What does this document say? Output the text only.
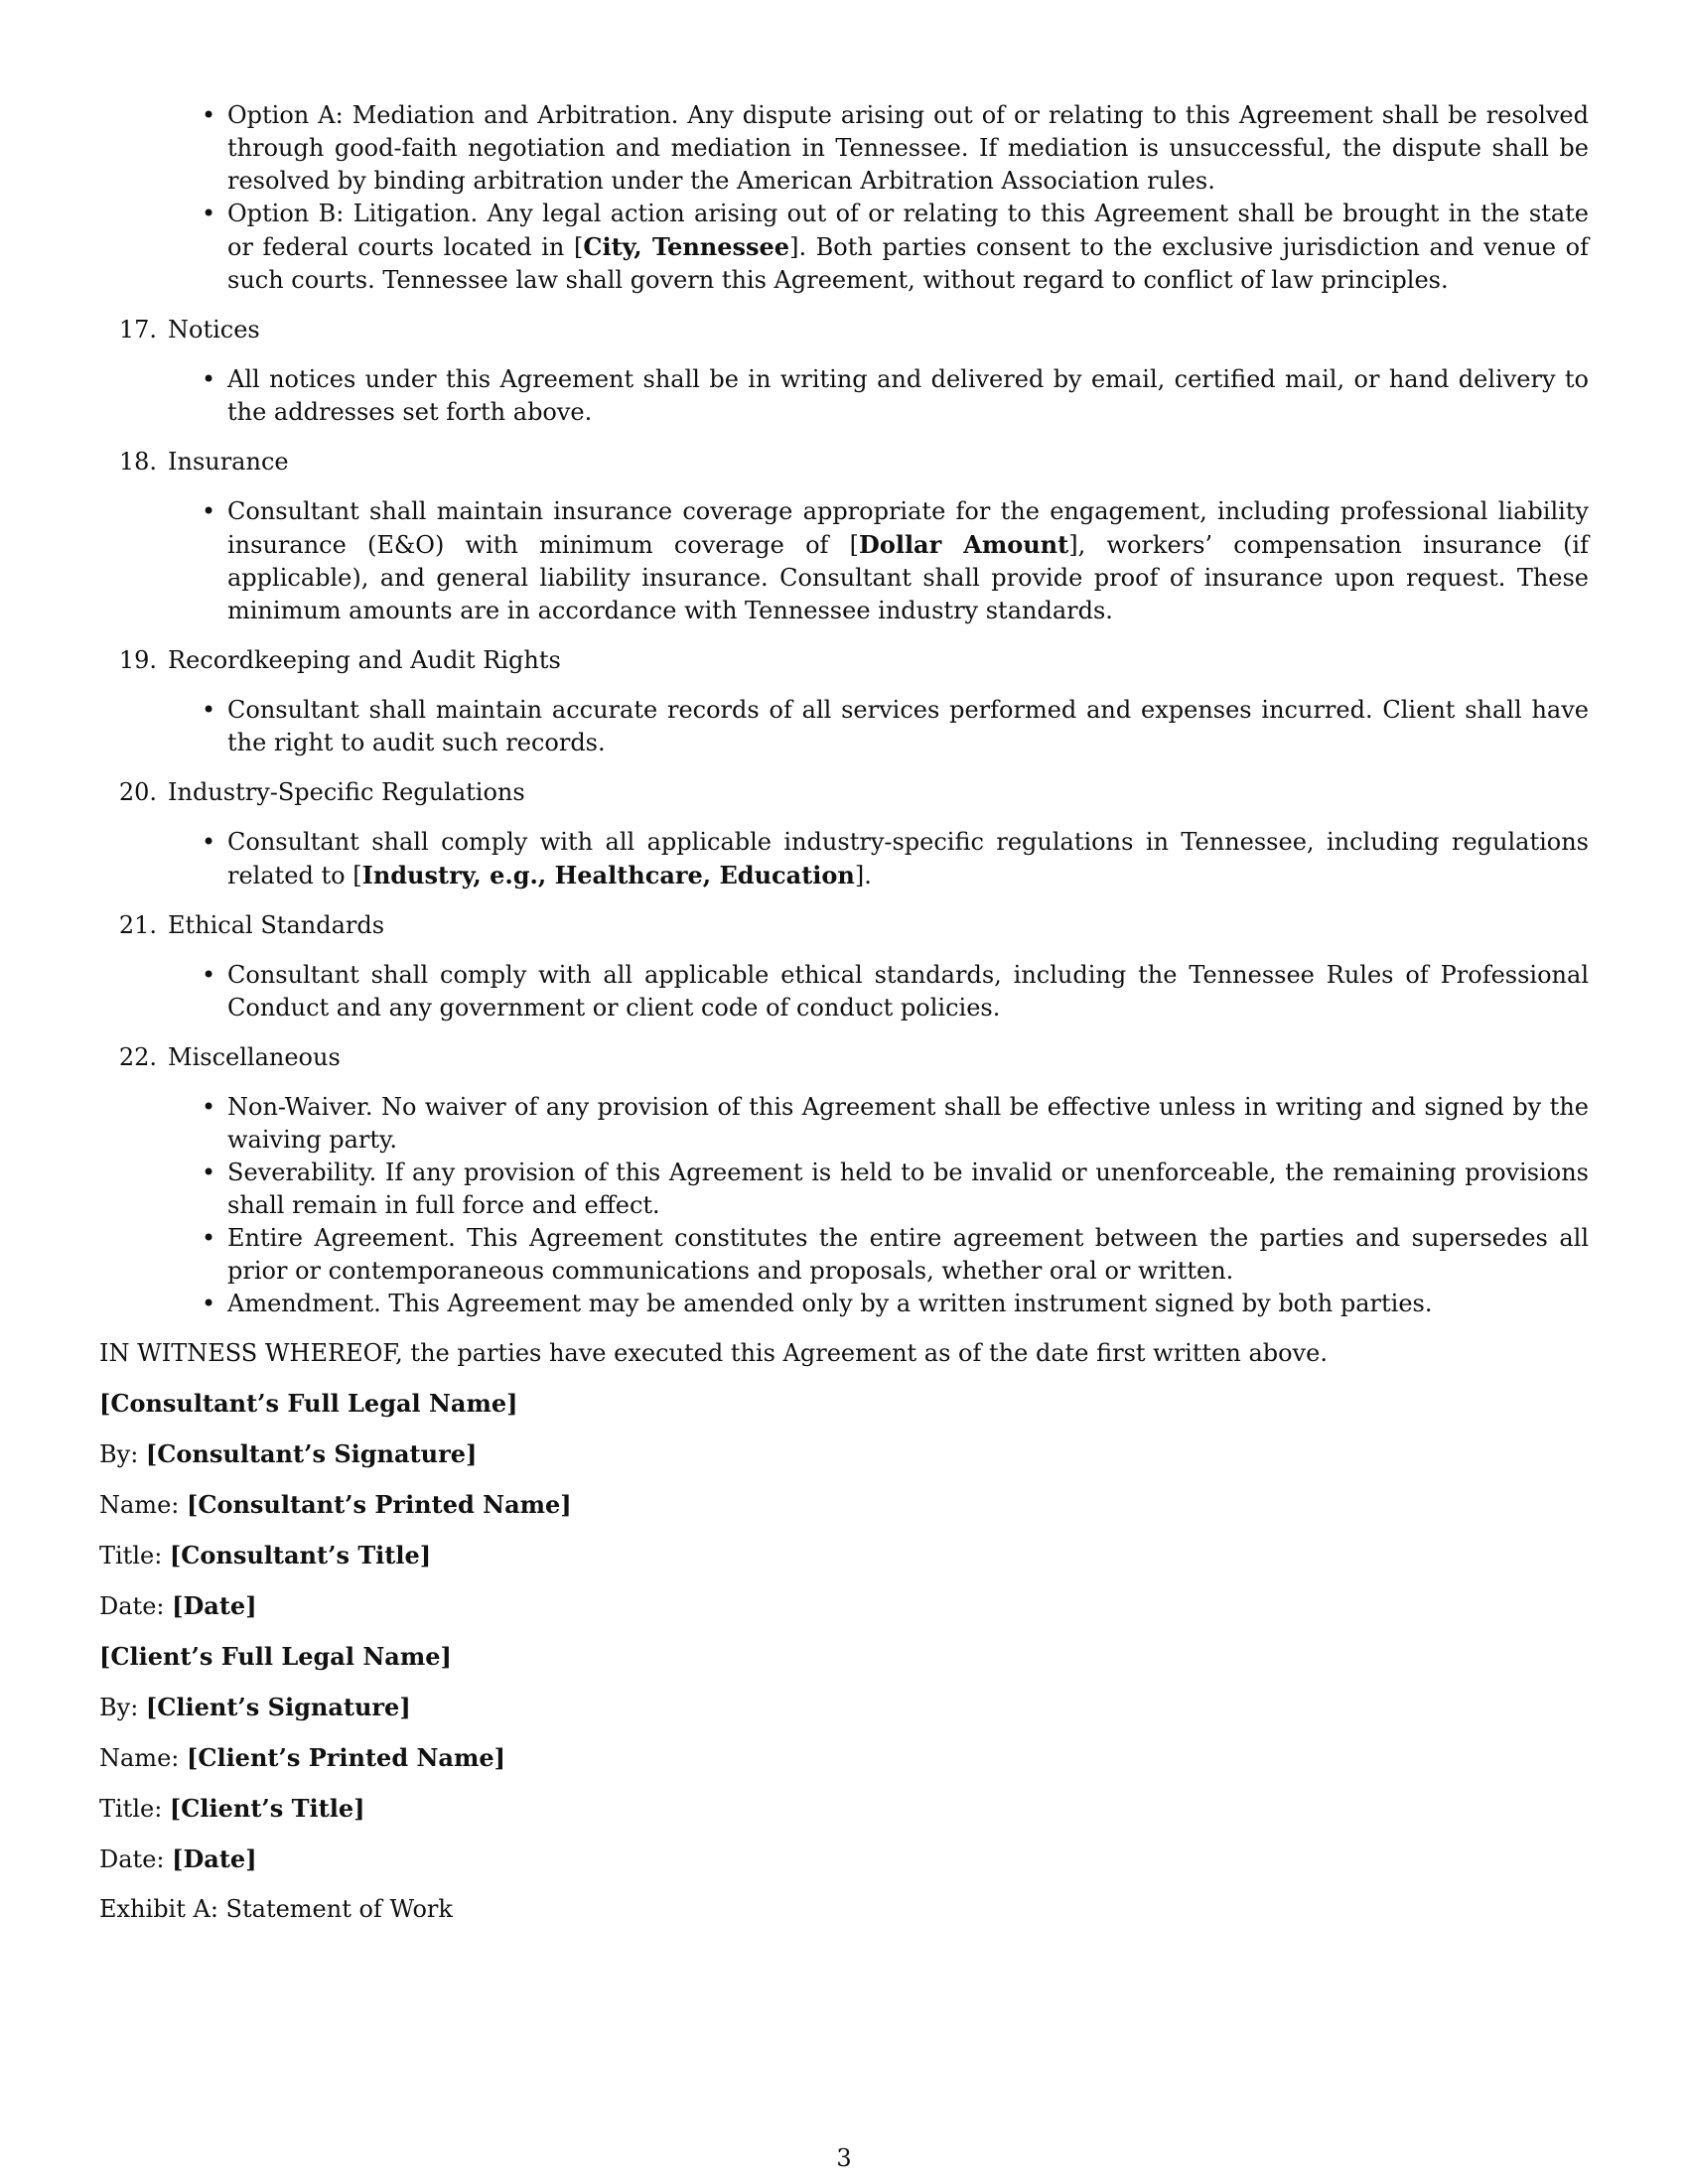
• Option A: Mediation and Arbitration. Any dispute arising out of or relating to this Agreement shall be resolved through good-faith negotiation and mediation in Tennessee. If mediation is unsuccessful, the dispute shall be resolved by binding arbitration under the American Arbitration Association rules.
• Option B: Litigation. Any legal action arising out of or relating to this Agreement shall be brought in the state or federal courts located in [City, Tennessee]. Both parties consent to the exclusive jurisdiction and venue of such courts. Tennessee law shall govern this Agreement, without regard to conflict of law principles.
17. Notices
• All notices under this Agreement shall be in writing and delivered by email, certified mail, or hand delivery to the addresses set forth above.
18. Insurance
• Consultant shall maintain insurance coverage appropriate for the engagement, including professional liability insurance (E&O) with minimum coverage of [Dollar Amount], workers’ compensation insurance (if applicable), and general liability insurance. Consultant shall provide proof of insurance upon request. These minimum amounts are in accordance with Tennessee industry standards.
19. Recordkeeping and Audit Rights
• Consultant shall maintain accurate records of all services performed and expenses incurred. Client shall have the right to audit such records.
20. Industry-Specific Regulations
• Consultant shall comply with all applicable industry-specific regulations in Tennessee, including regulations related to [Industry, e.g., Healthcare, Education].
21. Ethical Standards
• Consultant shall comply with all applicable ethical standards, including the Tennessee Rules of Professional Conduct and any government or client code of conduct policies.
22. Miscellaneous
• Non-Waiver. No waiver of any provision of this Agreement shall be effective unless in writing and signed by the waiving party.
• Severability. If any provision of this Agreement is held to be invalid or unenforceable, the remaining provisions shall remain in full force and effect.
• Entire Agreement. This Agreement constitutes the entire agreement between the parties and supersedes all prior or contemporaneous communications and proposals, whether oral or written.
• Amendment. This Agreement may be amended only by a written instrument signed by both parties.
IN WITNESS WHEREOF, the parties have executed this Agreement as of the date first written above.
[Consultant’s Full Legal Name]
By: [Consultant’s Signature]
Name: [Consultant’s Printed Name]
Title: [Consultant’s Title]
Date: [Date]
[Client’s Full Legal Name]
By: [Client’s Signature]
Name: [Client’s Printed Name]
Title: [Client’s Title]
Date: [Date]
Exhibit A: Statement of Work
3
